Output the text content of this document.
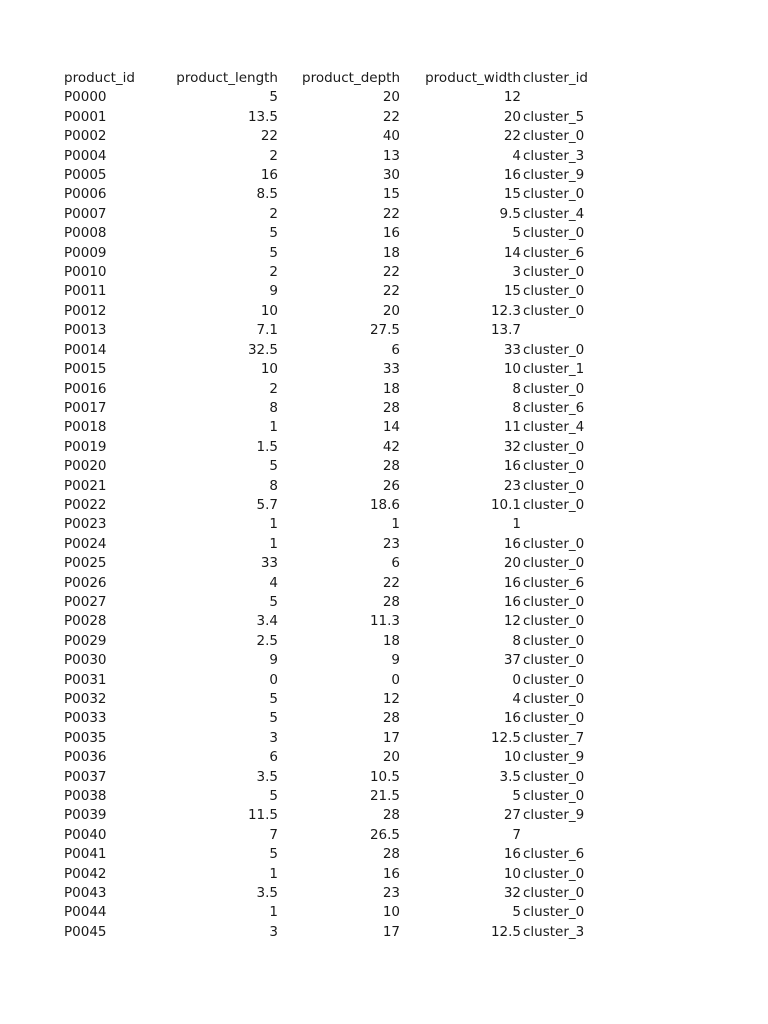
product_id	product_length	product_depth	product_width	cluster_id
P0000	5	20	12	
P0001	13.5	22	20	cluster_5
P0002	22	40	22	cluster_0
P0004	2	13	4	cluster_3
P0005	16	30	16	cluster_9
P0006	8.5	15	15	cluster_0
P0007	2	22	9.5	cluster_4
P0008	5	16	5	cluster_0
P0009	5	18	14	cluster_6
P0010	2	22	3	cluster_0
P0011	9	22	15	cluster_0
P0012	10	20	12.3	cluster_0
P0013	7.1	27.5	13.7	
P0014	32.5	6	33	cluster_0
P0015	10	33	10	cluster_1
P0016	2	18	8	cluster_0
P0017	8	28	8	cluster_6
P0018	1	14	11	cluster_4
P0019	1.5	42	32	cluster_0
P0020	5	28	16	cluster_0
P0021	8	26	23	cluster_0
P0022	5.7	18.6	10.1	cluster_0
P0023	1	1	1	
P0024	1	23	16	cluster_0
P0025	33	6	20	cluster_0
P0026	4	22	16	cluster_6
P0027	5	28	16	cluster_0
P0028	3.4	11.3	12	cluster_0
P0029	2.5	18	8	cluster_0
P0030	9	9	37	cluster_0
P0031	0	0	0	cluster_0
P0032	5	12	4	cluster_0
P0033	5	28	16	cluster_0
P0035	3	17	12.5	cluster_7
P0036	6	20	10	cluster_9
P0037	3.5	10.5	3.5	cluster_0
P0038	5	21.5	5	cluster_0
P0039	11.5	28	27	cluster_9
P0040	7	26.5	7	
P0041	5	28	16	cluster_6
P0042	1	16	10	cluster_0
P0043	3.5	23	32	cluster_0
P0044	1	10	5	cluster_0
P0045	3	17	12.5	cluster_3
